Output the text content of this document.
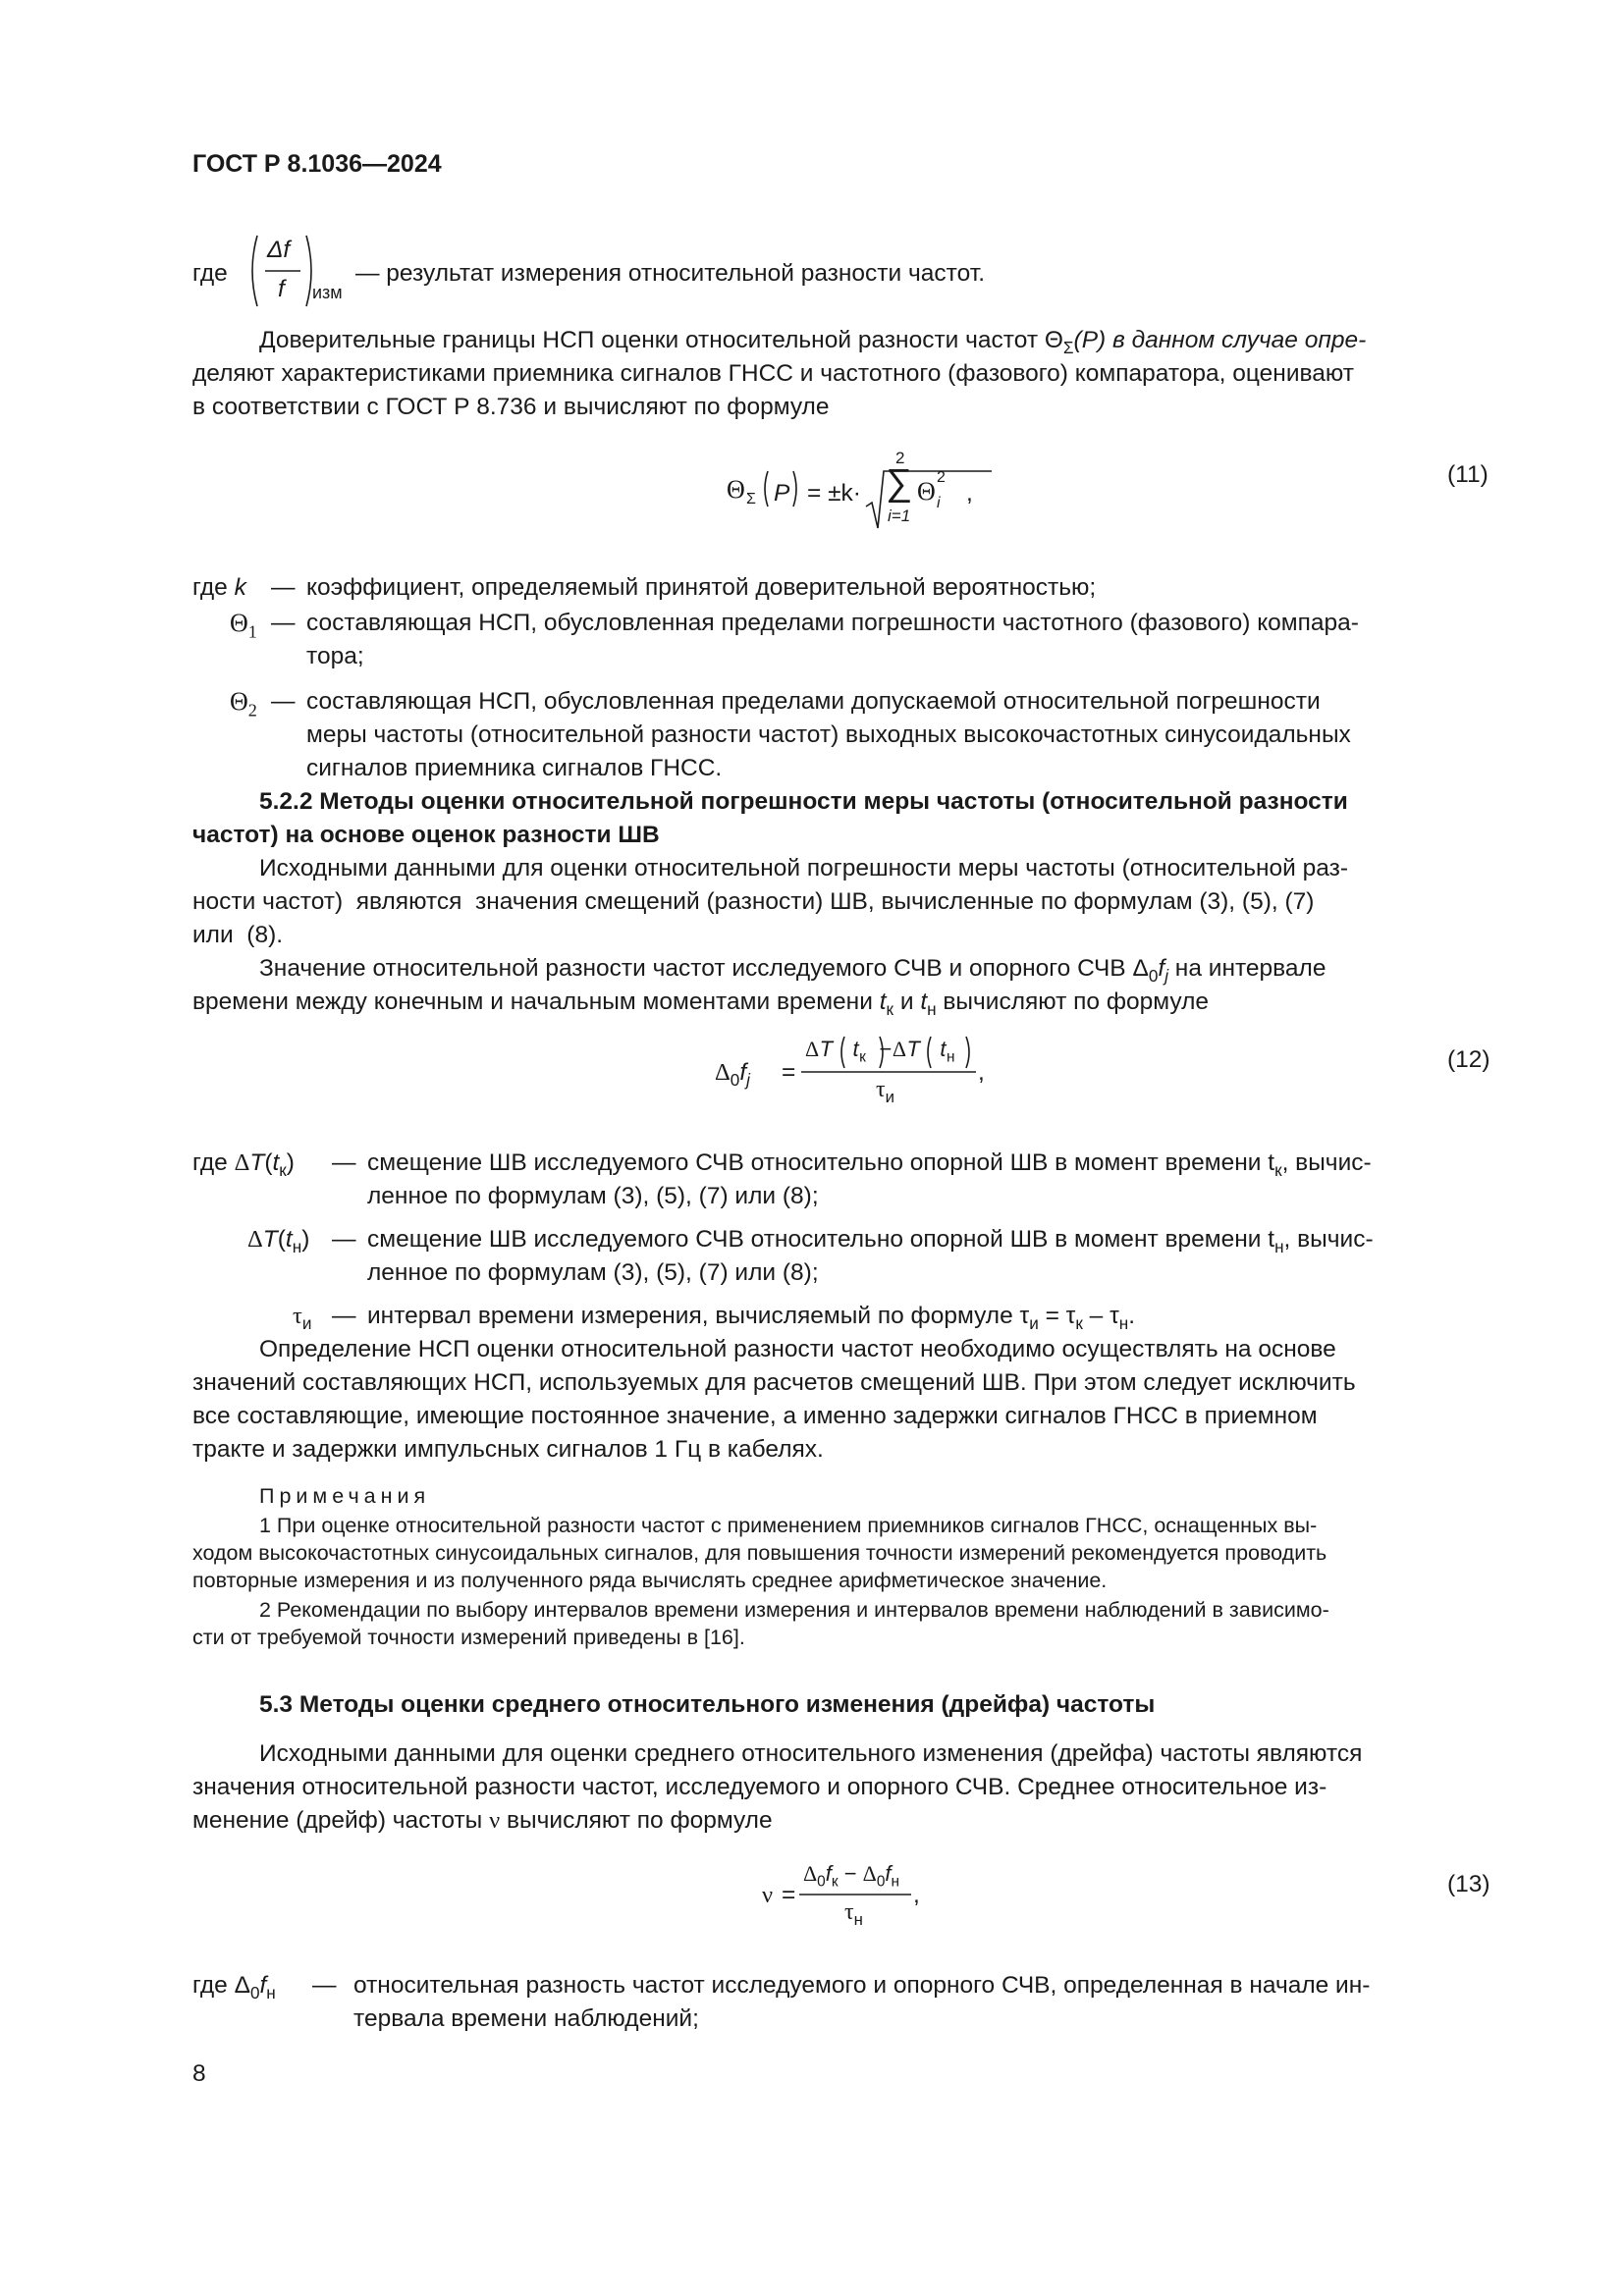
ГОСТ Р 8.1036—2024
где
Δf
f изм
— результат измерения относительной разности частот.
Доверительные границы НСП оценки относительной разности частот $\Theta_\Sigma(P)$ в данном случае опре-
деляют характеристиками приемника сигналов ГНСС и частотного (фазового) компаратора, оценивают
в соответствии с ГОСТ Р 8.736 и вычисляют по формуле
Θ Σ P = ±k·
2
∑
i=1
Θ i
2
,
(11)
где k — коэффициент, определяемый принятой доверительной вероятностью;
$\Theta_1$ — составляющая НСП, обусловленная пределами погрешности частотного (фазового) компара-
тора;
$\Theta_2$ — составляющая НСП, обусловленная пределами допускаемой относительной погрешности
меры частоты (относительной разности частот) выходных высокочастотных синусоидальных
сигналов приемника сигналов ГНСС.
5.2.2 Методы оценки относительной погрешности меры частоты (относительной разности
частот) на основе оценок разности ШВ
Исходными данными для оценки относительной погрешности меры частоты (относительной раз-
ности частот)  являются  значения смещений (разности) ШВ, вычисленные по формулам (3), (5), (7)
или  (8).
Значение относительной разности частот исследуемого СЧВ и опорного СЧВ $\Delta_0f_j$ на интервале
времени между конечным и начальным моментами времени $t_к$ и $t_н$ вычисляют по формуле
$\Delta_0f_j$ =
ΔT $t_к -\Delta T$ $t_н$
$\tau_и$
,	(12)
где $\Delta T(t_к)$ — смещение ШВ исследуемого СЧВ относительно опорной ШВ в момент времени $t_к$, вычис-
ленное по формулам (3), (5), (7) или (8);
$\Delta T(t_н)$ — смещение ШВ исследуемого СЧВ относительно опорной ШВ в момент времени $t_н$, вычис-
ленное по формулам (3), (5), (7) или (8);
$\tau_и$ — интервал времени измерения, вычисляемый по формуле $\tau_и = \tau_к - \tau_н$.
Определение НСП оценки относительной разности частот необходимо осуществлять на основе
значений составляющих НСП, используемых для расчетов смещений ШВ. При этом следует исключить
все составляющие, имеющие постоянное значение, а именно задержки сигналов ГНСС в приемном
тракте и задержки импульсных сигналов 1 Гц в кабелях.
Примечания
1 При оценке относительной разности частот с применением приемников сигналов ГНСС, оснащенных вы-
ходом высокочастотных синусоидальных сигналов, для повышения точности измерений рекомендуется проводить
повторные измерения и из полученного ряда вычислять среднее арифметическое значение.
2 Рекомендации по выбору интервалов времени измерения и интервалов времени наблюдений в зависимо-
сти от требуемой точности измерений приведены в [16].
5.3 Методы оценки среднего относительного изменения (дрейфа) частоты
Исходными данными для оценки среднего относительного изменения (дрейфа) частоты являются
значения относительной разности частот, исследуемого и опорного СЧВ. Среднее относительное из-
менение (дрейф) частоты ν вычисляют по формуле
ν =
$\Delta_0f_к - \Delta_0f_н$
$\tau_н$
,	(13)
где $\Delta_0f_н$ — относительная разность частот исследуемого и опорного СЧВ, определенная в начале ин-
тервала времени наблюдений;
8
